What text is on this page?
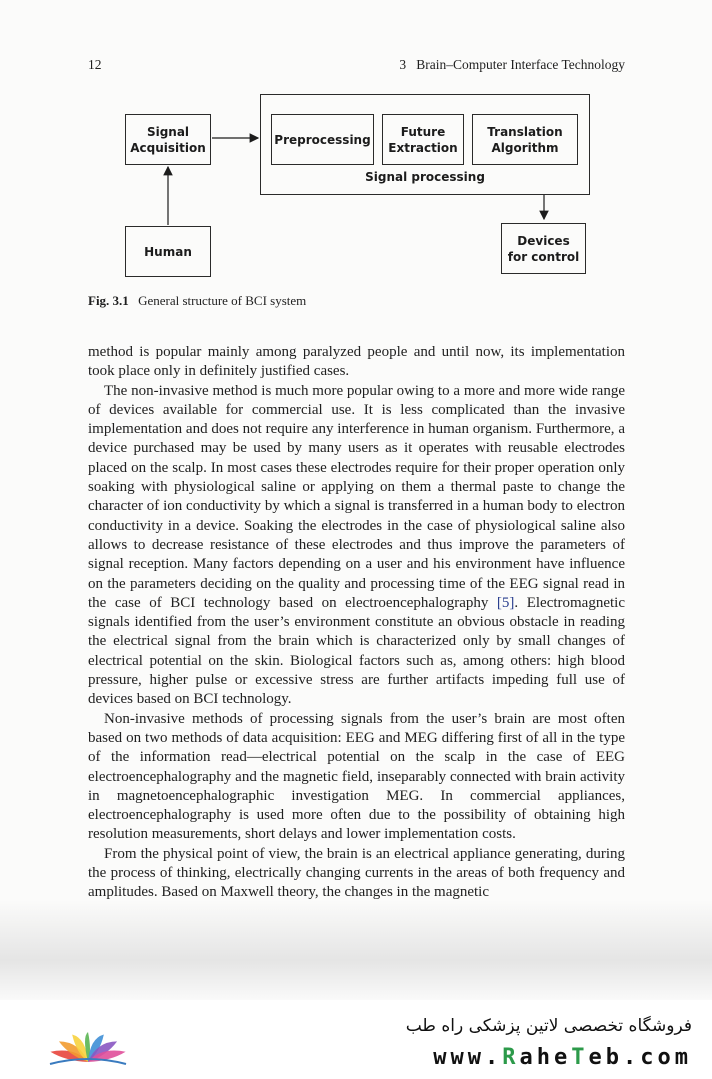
12	3   Brain–Computer Interface Technology
Signal
Acquisition
Human
Signal processing
Preprocessing
Future
Extraction
Translation
Algorithm
Devices
for control
Fig. 3.1 General structure of BCI system

method is popular mainly among paralyzed people and until now, its implementation took place only in definitely justified cases.

The non-invasive method is much more popular owing to a more and more wide range of devices available for commercial use. It is less complicated than the invasive implementation and does not require any interference in human organism. Furthermore, a device purchased may be used by many users as it operates with reusable electrodes placed on the scalp. In most cases these electrodes require for their proper operation only soaking with physiological saline or applying on them a thermal paste to change the character of ion conductivity by which a signal is transferred in a human body to electron conductivity in a device. Soaking the electrodes in the case of physiological saline also allows to decrease resistance of these electrodes and thus improve the parameters of signal reception. Many factors depending on a user and his environment have influence on the parameters deciding on the quality and processing time of the EEG signal read in the case of BCI technology based on electroencephalography [5]. Electromagnetic signals identified from the user’s environment constitute an obvious obstacle in reading the electrical signal from the brain which is characterized only by small changes of electrical potential on the skin. Biological factors such as, among others: high blood pressure, higher pulse or excessive stress are further artifacts impeding full use of devices based on BCI technology.

Non-invasive methods of processing signals from the user’s brain are most often based on two methods of data acquisition: EEG and MEG differing first of all in the type of the information read—electrical potential on the scalp in the case of EEG electroencephalography and the magnetic field, inseparably connected with brain activity in magnetoencephalographic investigation MEG. In commercial appliances, electroencephalography is used more often due to the possibility of obtaining high resolution measurements, short delays and lower implementation costs.

From the physical point of view, the brain is an electrical appliance generating, during the process of thinking, electrically changing currents in the areas of both frequency and amplitudes. Based on Maxwell theory, the changes in the magnetic

فروشگاه تخصصی لاتین پزشکی راه طب
www.RaheTeb.com
